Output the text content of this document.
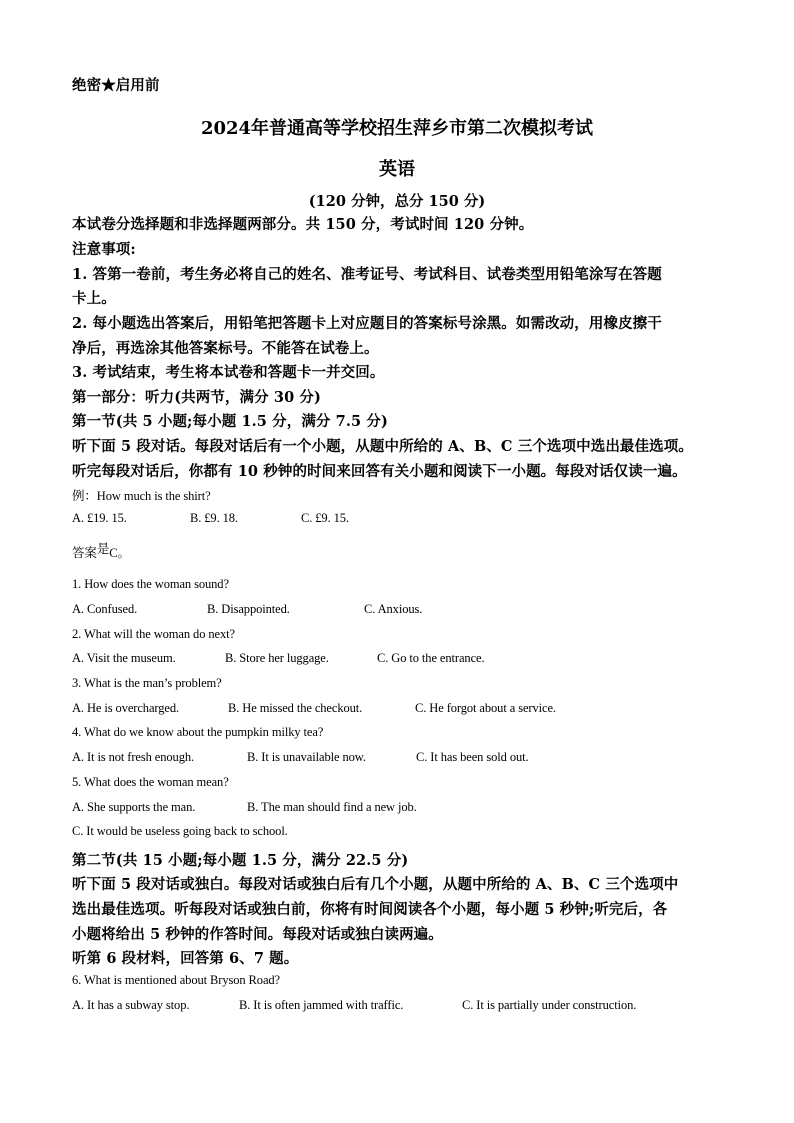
绝密★启用前
2024年普通高等学校招生萍乡市第二次模拟考试
英语
(120 分钟，总分 150 分)
本试卷分选择题和非选择题两部分。共 150 分，考试时间 120 分钟。
注意事项:
1. 答第一卷前，考生务必将自己的姓名、准考证号、考试科目、试卷类型用铅笔涂写在答题
卡上。
2. 每小题选出答案后，用铅笔把答题卡上对应题目的答案标号涂黑。如需改动，用橡皮擦干
净后，再选涂其他答案标号。不能答在试卷上。
3. 考试结束，考生将本试卷和答题卡一并交回。
第一部分：听力(共两节，满分 30 分)
第一节(共 5 小题;每小题 1.5 分，满分 7.5 分)
听下面 5 段对话。每段对话后有一个小题，从题中所给的 A、B、C 三个选项中选出最佳选项。
听完每段对话后，你都有 10 秒钟的时间来回答有关小题和阅读下一小题。每段对话仅读一遍。
例：How much is the shirt?
A. £19. 15.	B. £9. 18.	C. £9. 15.
答案是C。
1. How does the woman sound?
A. Confused.	B. Disappointed.	C. Anxious.
2. What will the woman do next?
A. Visit the museum.	B. Store her luggage.	C. Go to the entrance.
3. What is the man’s problem?
A. He is overcharged.	B. He missed the checkout.	C. He forgot about a service.
4. What do we know about the pumpkin milky tea?
A. It is not fresh enough.	B. It is unavailable now.	C. It has been sold out.
5. What does the woman mean?
A. She supports the man.	B. The man should find a new job.
C. It would be useless going back to school.
第二节(共 15 小题;每小题 1.5 分，满分 22.5 分)
听下面 5 段对话或独白。每段对话或独白后有几个小题，从题中所给的 A、B、C 三个选项中
选出最佳选项。听每段对话或独白前，你将有时间阅读各个小题，每小题 5 秒钟;听完后，各
小题将给出 5 秒钟的作答时间。每段对话或独白读两遍。
听第 6 段材料，回答第 6、7 题。
6. What is mentioned about Bryson Road?
A. It has a subway stop.	B. It is often jammed with traffic.	C. It is partially under construction.
